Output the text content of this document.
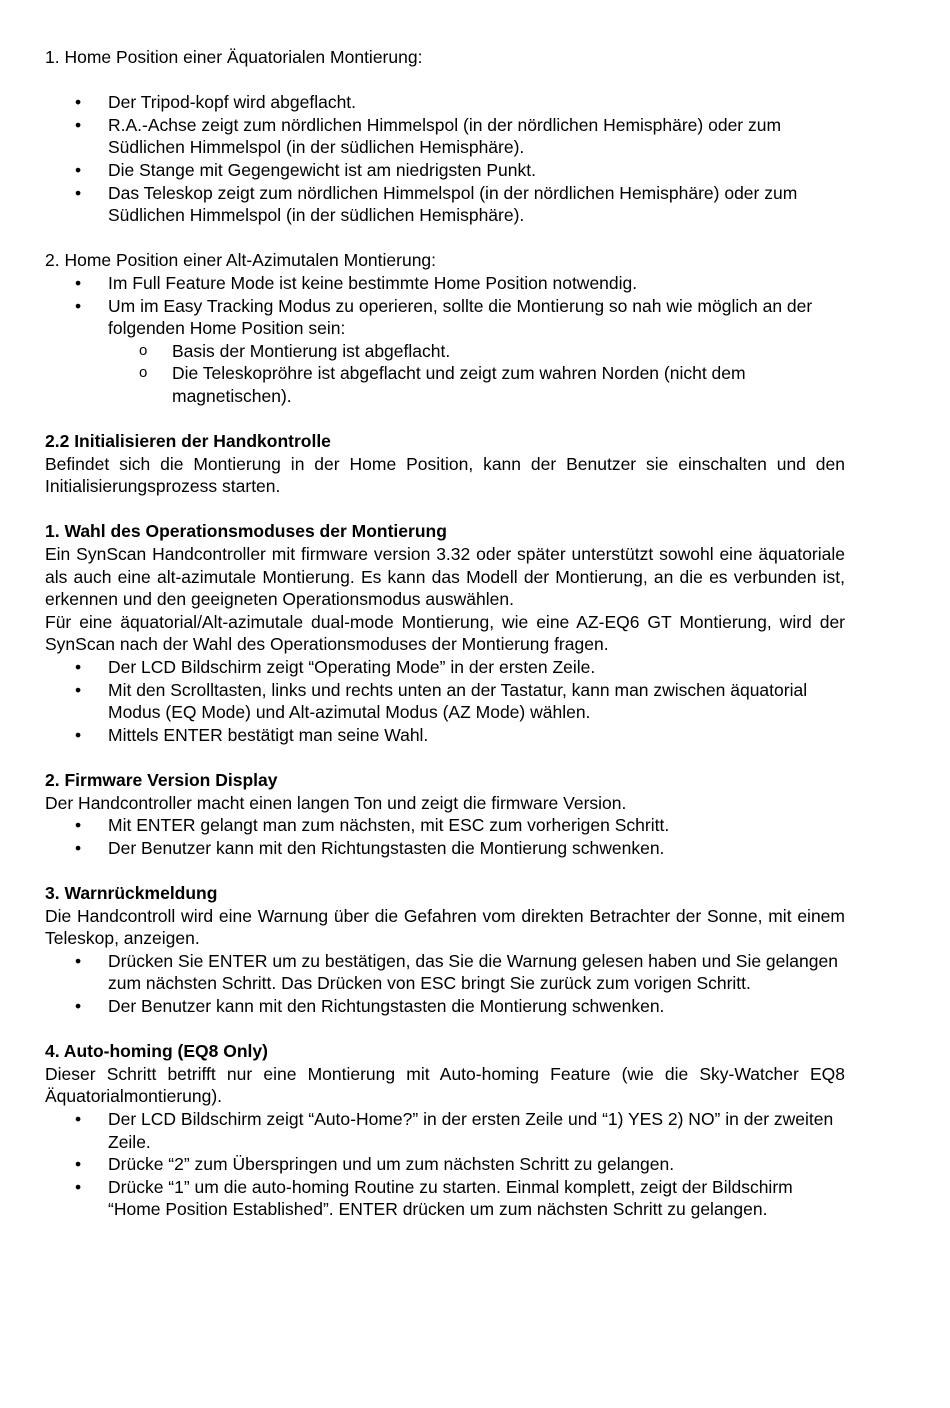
1. Home Position einer Äquatorialen Montierung:

• Der Tripod-kopf wird abgeflacht.
• R.A.-Achse zeigt zum nördlichen Himmelspol (in der nördlichen Hemisphäre) oder zum Südlichen Himmelspol (in der südlichen Hemisphäre).
• Die Stange mit Gegengewicht ist am niedrigsten Punkt.
• Das Teleskop zeigt zum nördlichen Himmelspol (in der nördlichen Hemisphäre) oder zum Südlichen Himmelspol (in der südlichen Hemisphäre).

2. Home Position einer Alt-Azimutalen Montierung:

• Im Full Feature Mode ist keine bestimmte Home Position notwendig.
• Um im Easy Tracking Modus zu operieren, sollte die Montierung so nah wie möglich an der folgenden Home Position sein:
o Basis der Montierung ist abgeflacht.
o Die Teleskopröhre ist abgeflacht und zeigt zum wahren Norden (nicht dem magnetischen).

2.2 Initialisieren der Handkontrolle

Befindet sich die Montierung in der Home Position, kann der Benutzer sie einschalten und den Initialisierungsprozess starten.

1. Wahl des Operationsmoduses der Montierung

Ein SynScan Handcontroller mit firmware version 3.32 oder später unterstützt sowohl eine äquatoriale als auch eine alt-azimutale Montierung. Es kann das Modell der Montierung, an die es verbunden ist, erkennen und den geeigneten Operationsmodus auswählen.

Für eine äquatorial/Alt-azimutale dual-mode Montierung, wie eine AZ-EQ6 GT Montierung, wird der SynScan nach der Wahl des Operationsmoduses der Montierung fragen.

• Der LCD Bildschirm zeigt “Operating Mode” in der ersten Zeile.
• Mit den Scrolltasten, links und rechts unten an der Tastatur, kann man zwischen äquatorial Modus (EQ Mode) und Alt-azimutal Modus (AZ Mode) wählen.
• Mittels ENTER bestätigt man seine Wahl.

2. Firmware Version Display

Der Handcontroller macht einen langen Ton und zeigt die firmware Version.

• Mit ENTER gelangt man zum nächsten, mit ESC zum vorherigen Schritt.
• Der Benutzer kann mit den Richtungstasten die Montierung schwenken.

3. Warnrückmeldung

Die Handcontroll wird eine Warnung über die Gefahren vom direkten Betrachter der Sonne, mit einem Teleskop, anzeigen.

• Drücken Sie ENTER um zu bestätigen, das Sie die Warnung gelesen haben und Sie gelangen zum nächsten Schritt. Das Drücken von ESC bringt Sie zurück zum vorigen Schritt.
• Der Benutzer kann mit den Richtungstasten die Montierung schwenken.

4. Auto-homing (EQ8 Only)

Dieser Schritt betrifft nur eine Montierung mit Auto-homing Feature (wie die Sky-Watcher EQ8 Äquatorialmontierung).

• Der LCD Bildschirm zeigt “Auto-Home?” in der ersten Zeile und “1) YES 2) NO” in der zweiten Zeile.
• Drücke “2” zum Überspringen und um zum nächsten Schritt zu gelangen.
• Drücke “1” um die auto-homing Routine zu starten. Einmal komplett, zeigt der Bildschirm “Home Position Established”. ENTER drücken um zum nächsten Schritt zu gelangen.
